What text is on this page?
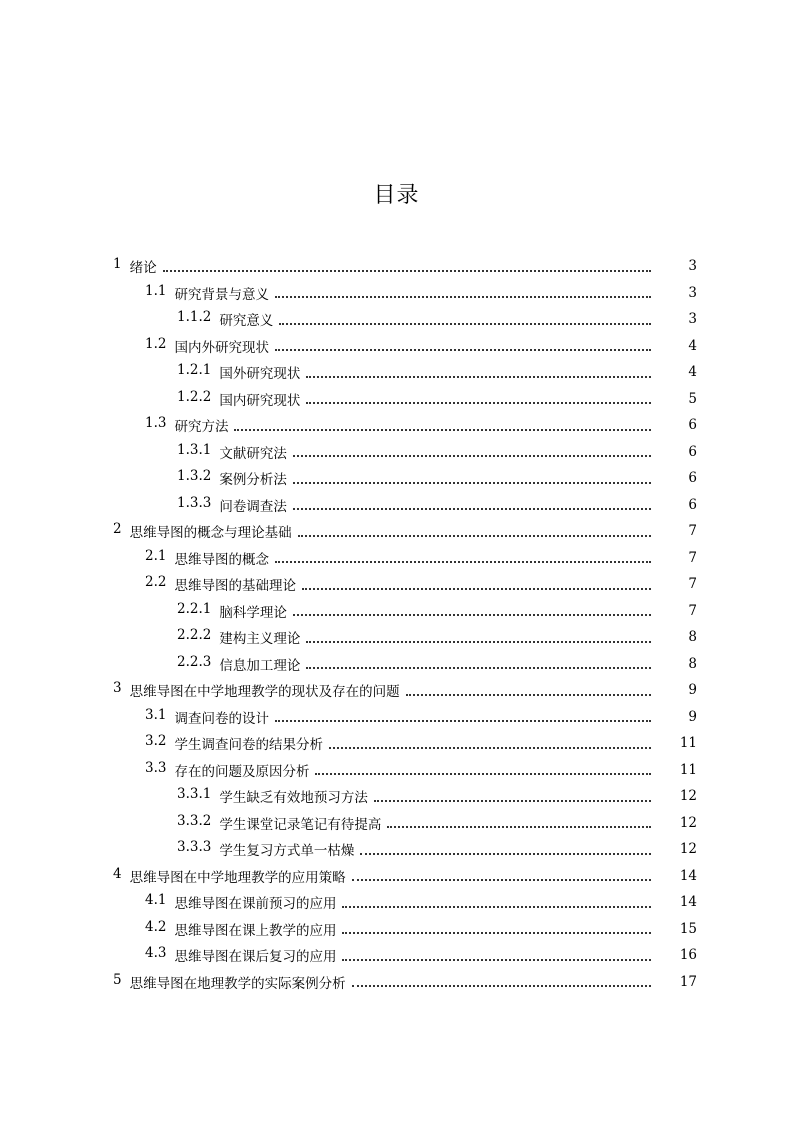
目录
1 绪论	3
1.1 研究背景与意义	3
1.1.2 研究意义	3
1.2 国内外研究现状	4
1.2.1 国外研究现状	4
1.2.2 国内研究现状	5
1.3 研究方法	6
1.3.1 文献研究法	6
1.3.2 案例分析法	6
1.3.3 问卷调查法	6
2 思维导图的概念与理论基础	7
2.1 思维导图的概念	7
2.2 思维导图的基础理论	7
2.2.1 脑科学理论	7
2.2.2 建构主义理论	8
2.2.3 信息加工理论	8
3 思维导图在中学地理教学的现状及存在的问题	9
3.1 调查问卷的设计	9
3.2 学生调查问卷的结果分析	11
3.3 存在的问题及原因分析	11
3.3.1 学生缺乏有效地预习方法	12
3.3.2 学生课堂记录笔记有待提高	12
3.3.3 学生复习方式单一枯燥	12
4 思维导图在中学地理教学的应用策略	14
4.1 思维导图在课前预习的应用	14
4.2 思维导图在课上教学的应用	15
4.3 思维导图在课后复习的应用	16
5 思维导图在地理教学的实际案例分析	17
